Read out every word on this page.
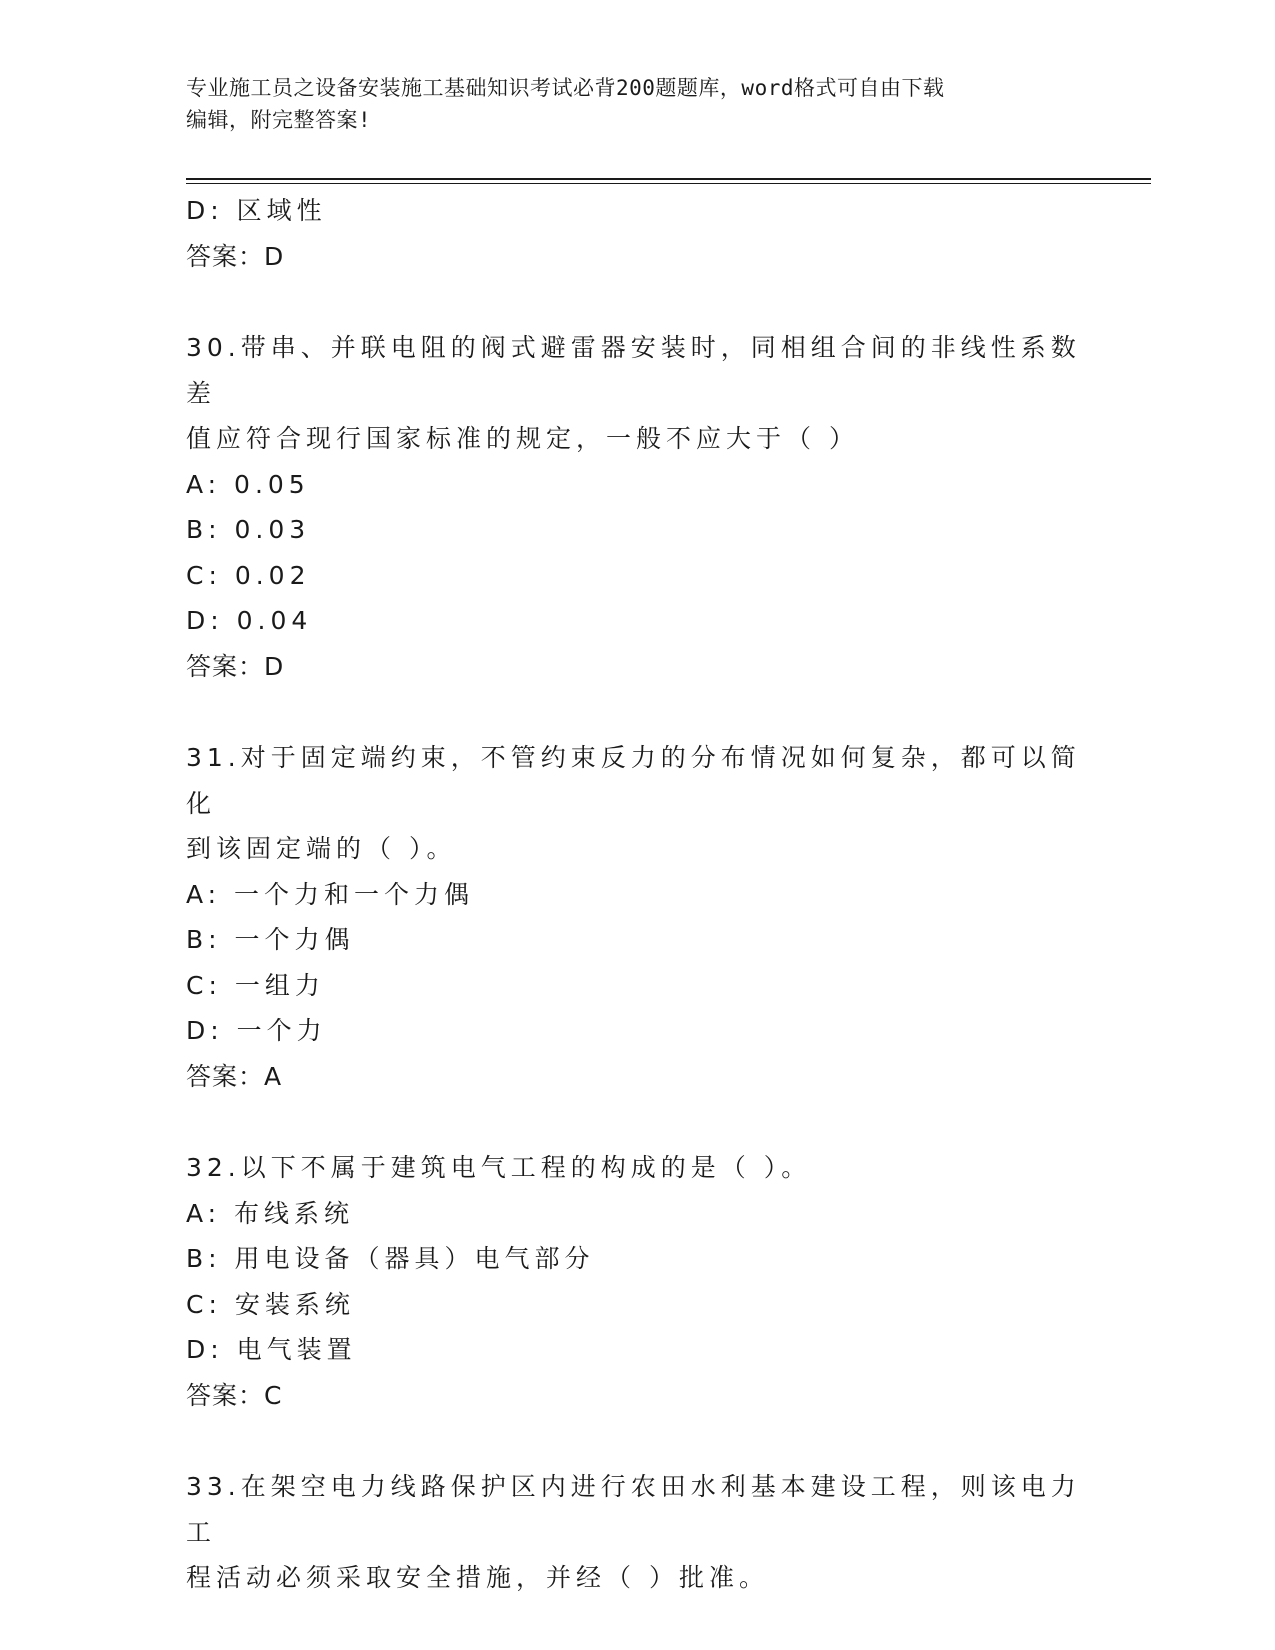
专业施工员之设备安装施工基础知识考试必背200题题库，word格式可自由下载
编辑，附完整答案!
D: 区域性
答案：D
30.带串、并联电阻的阀式避雷器安装时，同相组合间的非线性系数差
值应符合现行国家标准的规定，一般不应大于（ ）
A: 0.05
B: 0.03
C: 0.02
D: 0.04
答案：D
31.对于固定端约束，不管约束反力的分布情况如何复杂，都可以简化
到该固定端的（ ）。
A: 一个力和一个力偶
B: 一个力偶
C: 一组力
D: 一个力
答案：A
32.以下不属于建筑电气工程的构成的是（ ）。
A: 布线系统
B: 用电设备（器具）电气部分
C: 安装系统
D: 电气装置
答案：C
33.在架空电力线路保护区内进行农田水利基本建设工程，则该电力工
程活动必须采取安全措施，并经（ ）批准。
